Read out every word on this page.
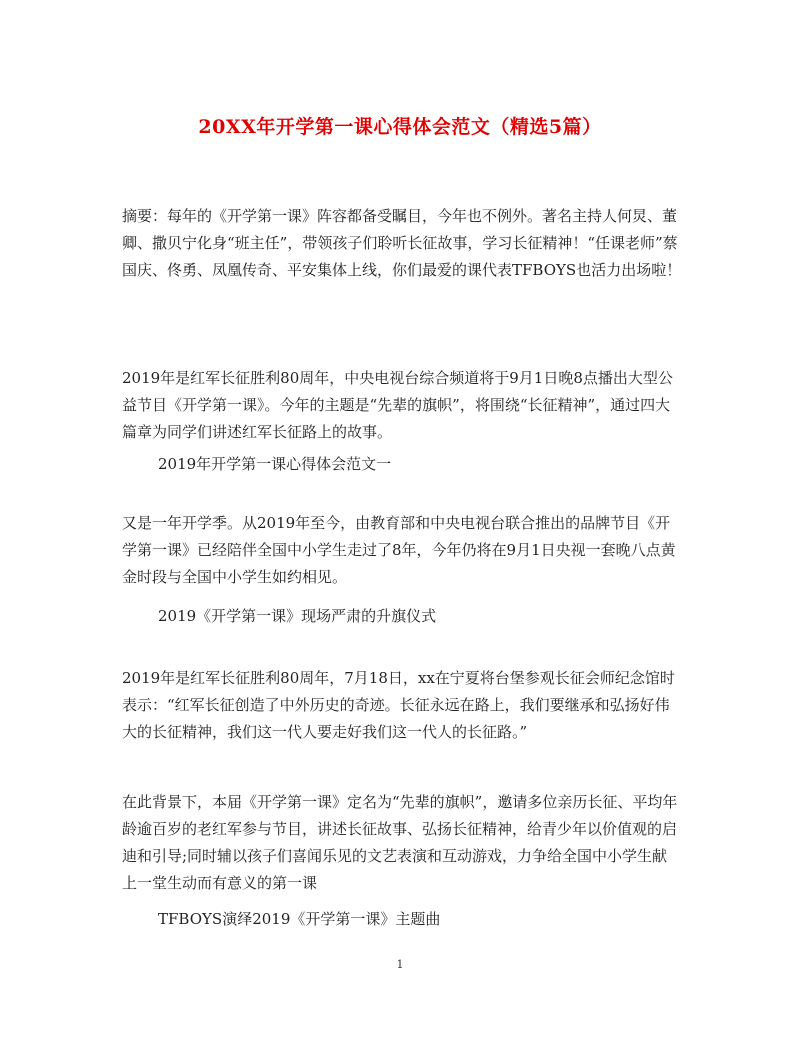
20XX年开学第一课心得体会范文（精选5篇）

摘要：每年的《开学第一课》阵容都备受瞩目，今年也不例外。著名主持人何炅、董卿、撒贝宁化身“班主任”，带领孩子们聆听长征故事，学习长征精神！“任课老师”蔡国庆、佟勇、凤凰传奇、平安集体上线，你们最爱的课代表TFBOYS也活力出场啦！

2019年是红军长征胜利80周年，中央电视台综合频道将于9月1日晚8点播出大型公益节目《开学第一课》。今年的主题是“先辈的旗帜”，将围绕“长征精神”，通过四大篇章为同学们讲述红军长征路上的故事。

2019年开学第一课心得体会范文一

又是一年开学季。从2019年至今，由教育部和中央电视台联合推出的品牌节目《开学第一课》已经陪伴全国中小学生走过了8年，今年仍将在9月1日央视一套晚八点黄金时段与全国中小学生如约相见。

2019《开学第一课》现场严肃的升旗仪式

2019年是红军长征胜利80周年，7月18日，xx在宁夏将台堡参观长征会师纪念馆时表示：“红军长征创造了中外历史的奇迹。长征永远在路上，我们要继承和弘扬好伟大的长征精神，我们这一代人要走好我们这一代人的长征路。”

在此背景下，本届《开学第一课》定名为“先辈的旗帜”，邀请多位亲历长征、平均年龄逾百岁的老红军参与节目，讲述长征故事、弘扬长征精神，给青少年以价值观的启迪和引导;同时辅以孩子们喜闻乐见的文艺表演和互动游戏，力争给全国中小学生献上一堂生动而有意义的第一课

TFBOYS演绎2019《开学第一课》主题曲

1
